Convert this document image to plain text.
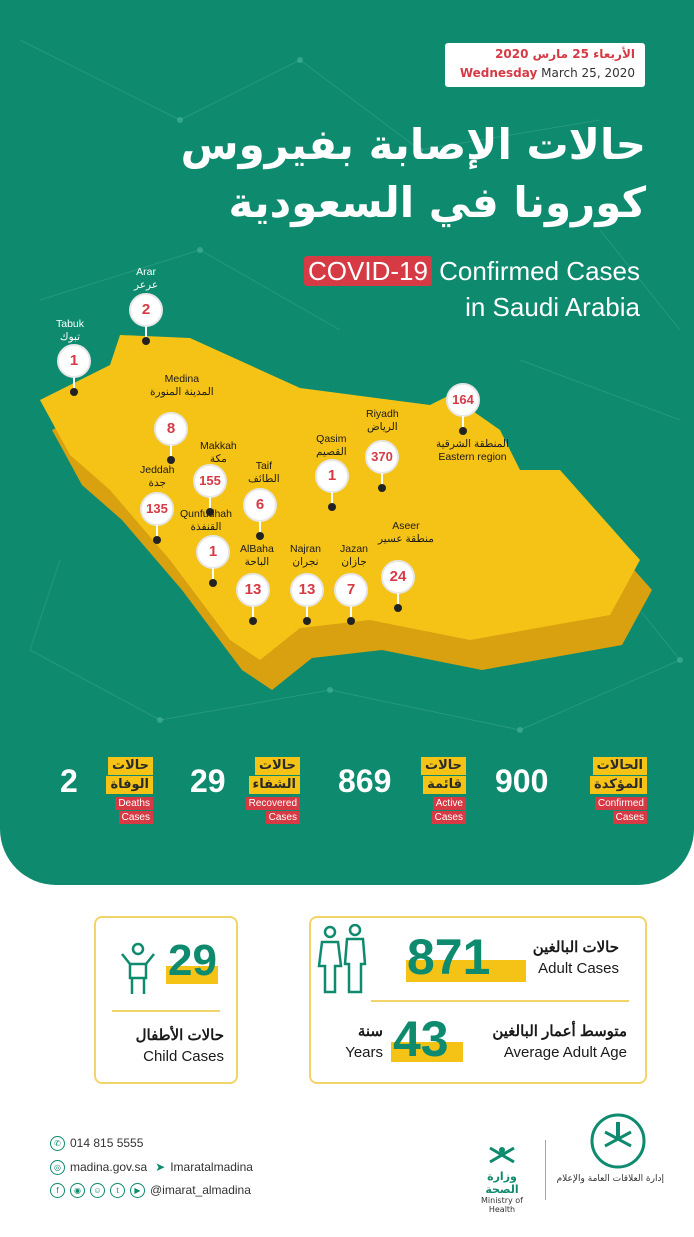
الأربعاء 25 مارس 2020
Wednesday March 25, 2020
حالات الإصابة بفيروس
كورونا في السعودية
COVID-19 Confirmed Cases
in Saudi Arabia
Tabuk
تبوك
1
Arar
عرعر
2
Medina
المدينة المنورة
8
Makkah
مكة
155
Jeddah
جدة
135
Taif
الطائف
6
Qunfudhah
القنفذة
1	AlBaha
الباحة
13
Najran
نجران
13
Jazan
جازان
7
Aseer
منطقة عسير
24
Qasim
القصيم
1
Riyadh
الرياض
370
164
المنطقة الشرقية
Eastern region
900	الحالات
المؤكدة
Confirmed
Cases
869	حالات
قائمة
Active
Cases
29	حالات
الشفاء
Recovered
Cases
2	حالات
الوفاة
Deaths
Cases
871	حالات البالغين
Adult Cases
43
سنة
Years
متوسط أعمار البالغين
Average Adult Age
29
حالات الأطفال
Child Cases
✆ 014 815 5555
◎ madina.gov.sa ➤ Imaratalmadina
f ◉ ☺ t ▶ @imarat_almadina
وزارة الصحة
Ministry of Health
إدارة العلاقات العامة والإعلام
